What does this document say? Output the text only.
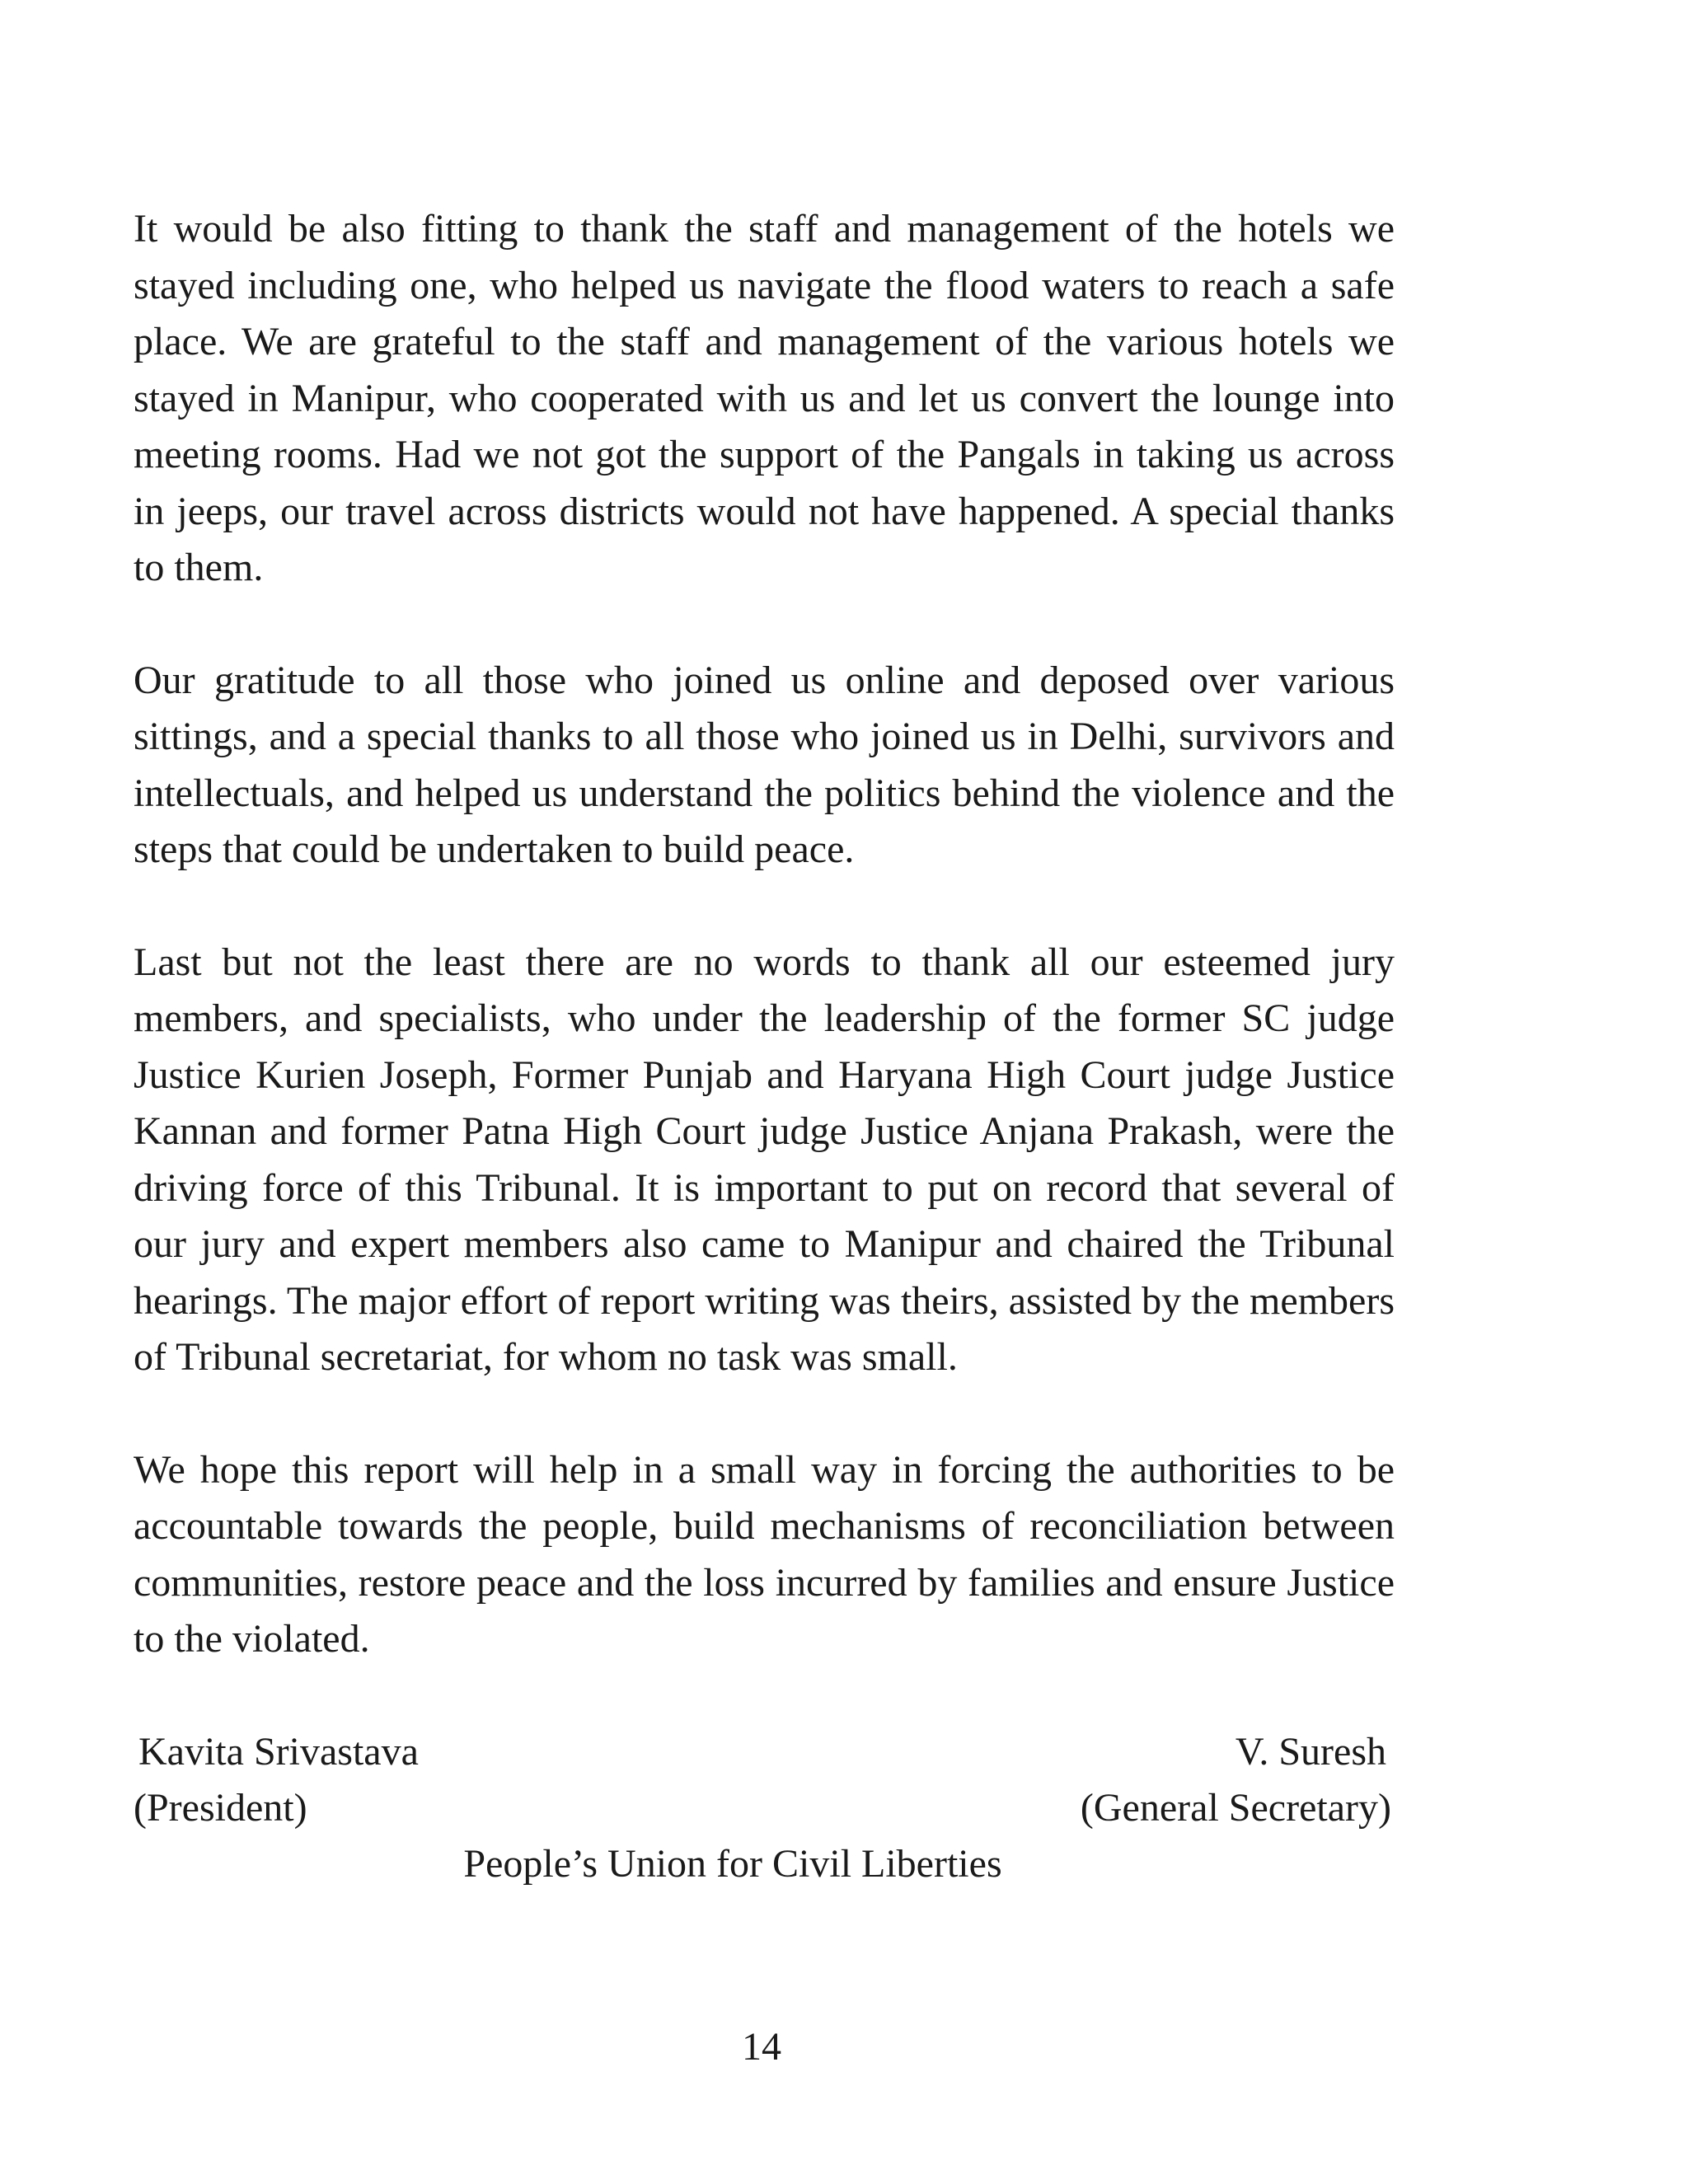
It would be also fitting to thank the staff and management of the hotels we stayed including one, who helped us navigate the flood waters to reach a safe place. We are grateful to the staff and management of the various hotels we stayed in Manipur, who cooperated with us and let us convert the lounge into meeting rooms. Had we not got the support of the Pangals in taking us across in jeeps, our travel across districts would not have happened. A special thanks to them.

Our gratitude to all those who joined us online and deposed over various sittings, and a special thanks to all those who joined us in Delhi, survivors and intellectuals, and helped us understand the politics behind the violence and the steps that could be undertaken to build peace.

Last but not the least there are no words to thank all our esteemed jury members, and specialists, who under the leadership of the former SC judge Justice Kurien Joseph, Former Punjab and Haryana High Court judge Justice Kannan and former Patna High Court judge Justice Anjana Prakash, were the driving force of this Tribunal. It is important to put on record that several of our jury and expert members also came to Manipur and chaired the Tribunal hearings. The major effort of report writing was theirs, assisted by the members of Tribunal secretariat, for whom no task was small.

We hope this report will help in a small way in forcing the authorities to be accountable towards the people, build mechanisms of reconciliation between communities, restore peace and the loss incurred by families and ensure Justice to the violated.

Kavita Srivastava	V. Suresh
(President)	(General Secretary)
People’s Union for Civil Liberties
14
